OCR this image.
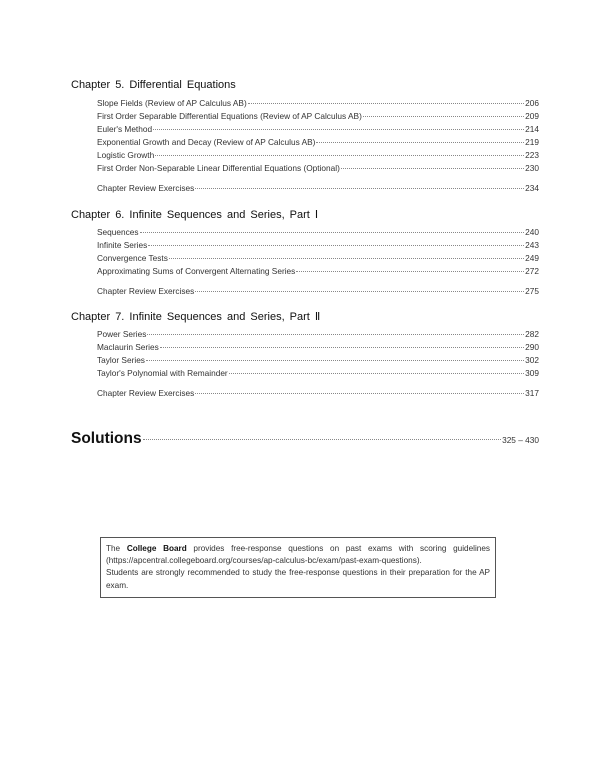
Chapter 5. Differential Equations
Slope Fields (Review of AP Calculus AB)	206
First Order Separable Differential Equations (Review of AP Calculus AB)	209
Euler's Method	214
Exponential Growth and Decay (Review of AP Calculus AB)	219
Logistic Growth	223
First Order Non-Separable Linear Differential Equations (Optional)	230
Chapter Review Exercises	234
Chapter 6. Infinite Sequences and Series, Part Ⅰ
Sequences	240
Infinite Series	243
Convergence Tests	249
Approximating Sums of Convergent Alternating Series	272
Chapter Review Exercises	275
Chapter 7. Infinite Sequences and Series, Part Ⅱ
Power Series	282
Maclaurin Series	290
Taylor Series	302
Taylor's Polynomial with Remainder	309
Chapter Review Exercises	317
Solutions	325 – 430

The College Board provides free-response questions on past exams with scoring guidelines (https://apcentral.collegeboard.org/courses/ap-calculus-bc/exam/past-exam-questions).

Students are strongly recommended to study the free-response questions in their preparation for the AP exam.
